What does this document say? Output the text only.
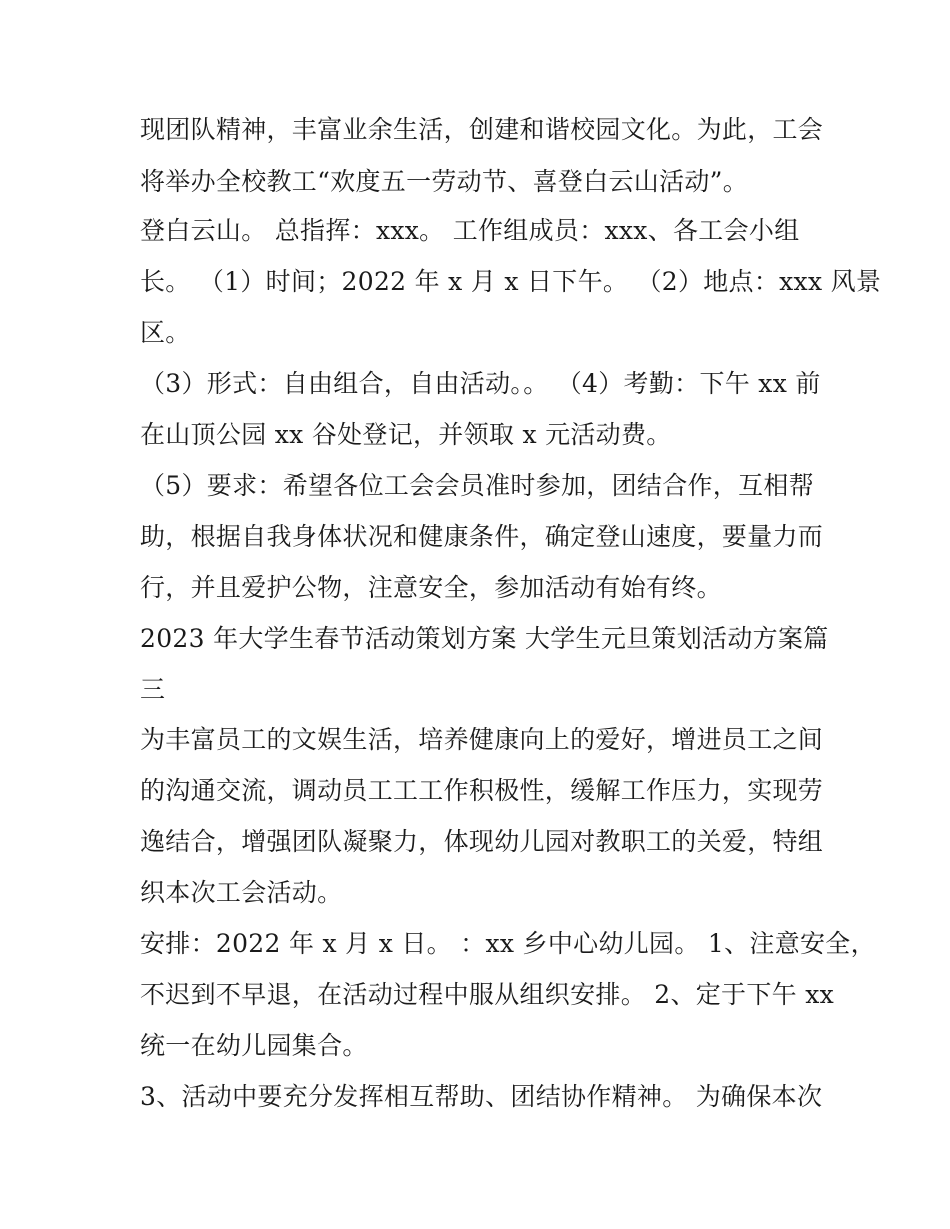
现团队精神，丰富业余生活，创建和谐校园文化。为此，工会

将举办全校教工“欢度五一劳动节、喜登白云山活动”。

登白云山。 总指挥：xxx。 工作组成员：xxx、各工会小组

长。 （1）时间；2022 年 x 月 x 日下午。 （2）地点：xxx 风景

区。

（3）形式：自由组合，自由活动。。 （4）考勤：下午 xx 前

在山顶公园 xx 谷处登记，并领取 x 元活动费。

（5）要求：希望各位工会会员准时参加，团结合作，互相帮

助，根据自我身体状况和健康条件，确定登山速度，要量力而

行，并且爱护公物，注意安全，参加活动有始有终。

2023 年大学生春节活动策划方案 大学生元旦策划活动方案篇

三

为丰富员工的文娱生活，培养健康向上的爱好，增进员工之间

的沟通交流，调动员工工工作积极性，缓解工作压力，实现劳

逸结合，增强团队凝聚力，体现幼儿园对教职工的关爱，特组

织本次工会活动。

安排：2022 年 x 月 x 日。 ：xx 乡中心幼儿园。 1、注意安全，

不迟到不早退，在活动过程中服从组织安排。 2、定于下午 xx

统一在幼儿园集合。

3、活动中要充分发挥相互帮助、团结协作精神。 为确保本次
